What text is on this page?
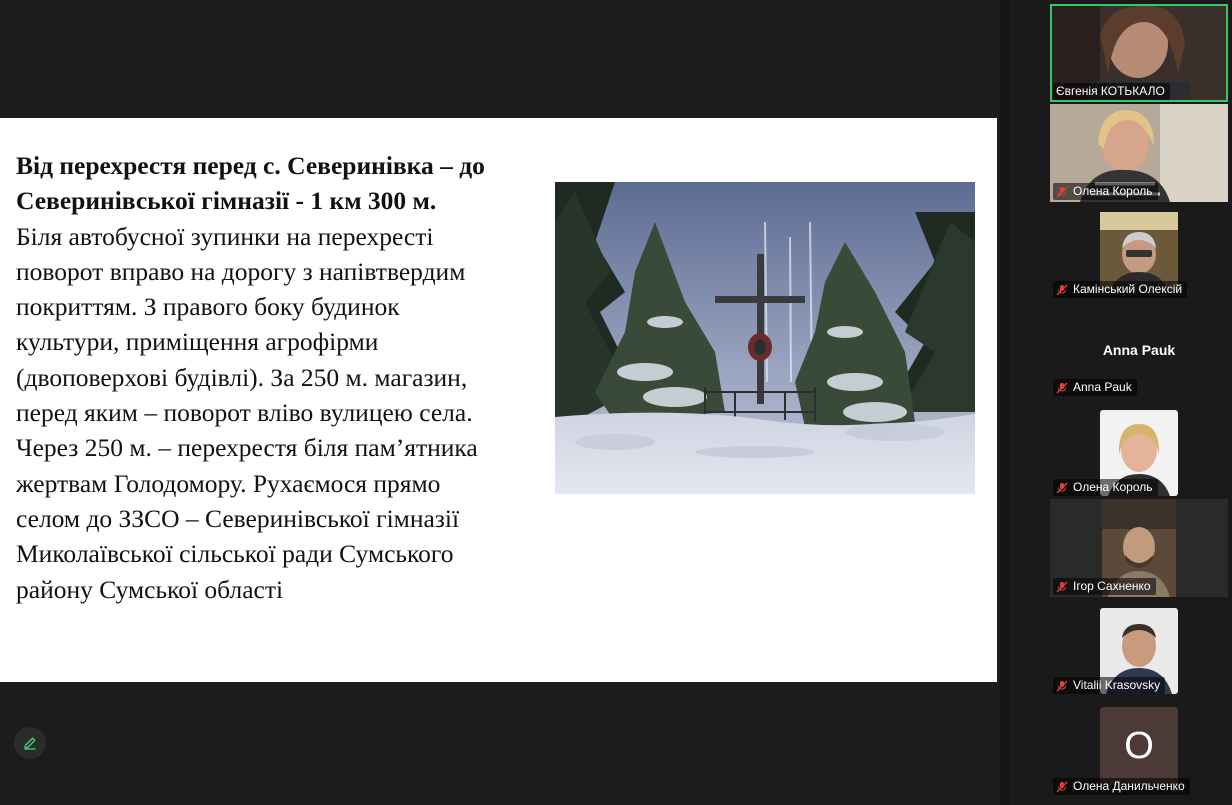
Від перехрестя перед с. Северинівка – до
Северинівської гімназії - 1 км 300 м.
Біля автобусної зупинки на перехресті
поворот вправо на дорогу з напівтвердим
покриттям. З правого боку будинок
культури, приміщення агрофірми
(двоповерхові будівлі). За 250 м. магазин,
перед яким – поворот вліво вулицею села.
Через 250 м. – перехрестя біля пам’ятника
жертвам Голодомору. Рухаємося прямо
селом до ЗЗСО – Северинівської гімназії
Миколаївської сільської ради Сумського
району Сумської області
Євгенія КОТЬКАЛО
Олена Король
Камінський Олексій
Anna Pauk
Anna Pauk
Олена Король
Ігор Сахненко
Vitalii Krasovsky
О
Олена Данильченко
